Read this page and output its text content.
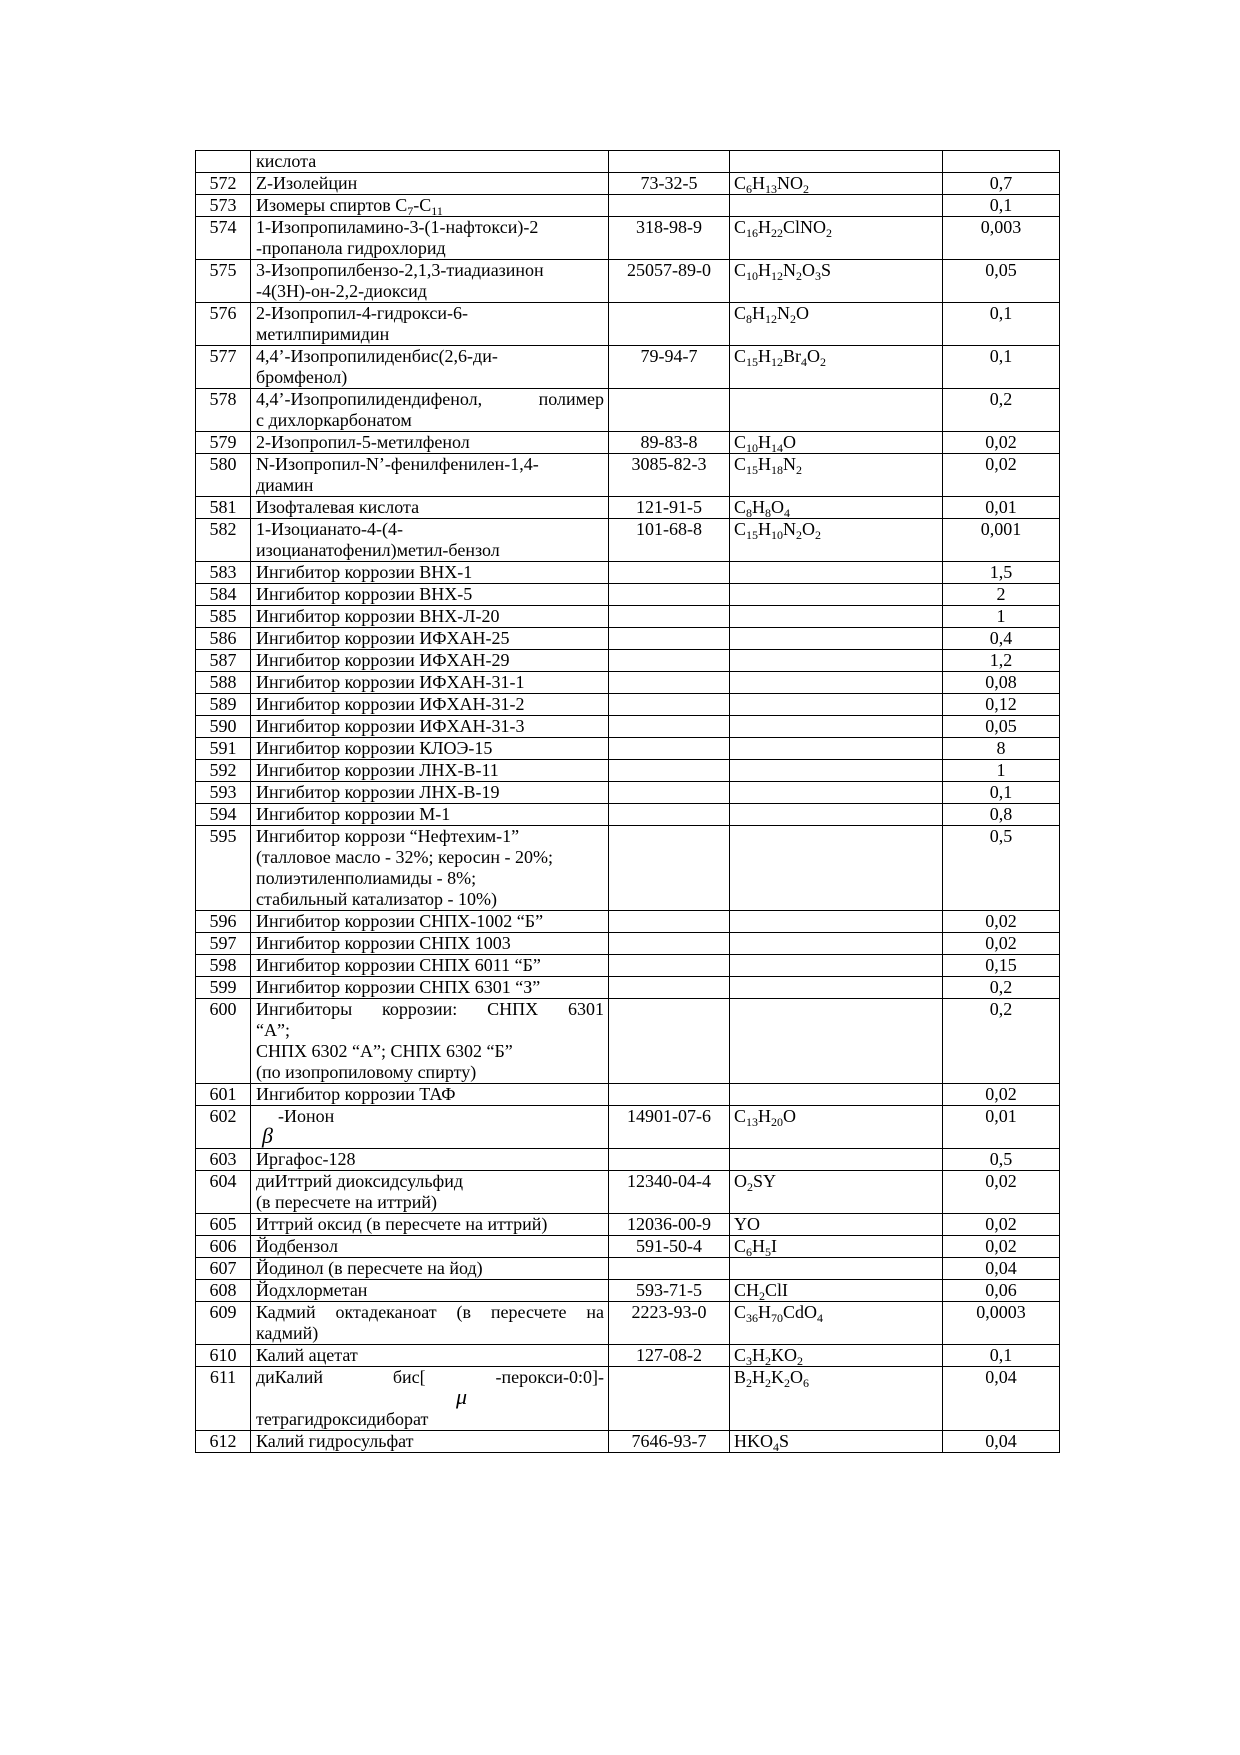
	кислота			

572	Z-Изолейцин	73-32-5	$C_6H_{13}NO_2$	0,7
573	Изомеры спиртов $C_7-C_{11}$			0,1
574	1-Изопропиламино-3-(1-нафтокси)-2
-пропанола гидрохлорид	318-98-9	$C_{16}H_{22}ClNO_2$	0,003
575	3-Изопропилбензо-2,1,3-тиадиазинон
-4(3H)-он-2,2-диоксид	25057-89-0	$C_{10}H_{12}N_2O_3S$	0,05
576	2-Изопропил-4-гидрокси-6-
метилпиримидин		$C_8H_{12}N_2O$	0,1
577	4,4’-Изопропилиденбис(2,6-ди-
бромфенол)	79-94-7	$C_{15}H_{12}Br_4O_2$	0,1
578	4,4’-Изопропилидендифенол, полимер
с дихлоркарбонатом			0,2
579	2-Изопропил-5-метилфенол	89-83-8	$C_{10}H_{14}O$	0,02
580	N-Изопропил-N’-фенилфенилен-1,4-
диамин	3085-82-3	$C_{15}H_{18}N_2$	0,02
581	Изофталевая кислота	121-91-5	$C_8H_8O_4$	0,01
582	1-Изоцианато-4-(4-
изоцианатофенил)метил-бензол	101-68-8	$C_{15}H_{10}N_2O_2$	0,001
583	Ингибитор коррозии ВНХ-1			1,5
584	Ингибитор коррозии ВНХ-5			2
585	Ингибитор коррозии ВНХ-Л-20			1
586	Ингибитор коррозии ИФХАН-25			0,4
587	Ингибитор коррозии ИФХАН-29			1,2
588	Ингибитор коррозии ИФХАН-31-1			0,08
589	Ингибитор коррозии ИФХАН-31-2			0,12
590	Ингибитор коррозии ИФХАН-31-3			0,05
591	Ингибитор коррозии КЛОЭ-15			8
592	Ингибитор коррозии ЛНХ-В-11			1
593	Ингибитор коррозии ЛНХ-В-19			0,1
594	Ингибитор коррозии М-1			0,8
595	Ингибитор коррози “Нефтехим-1”
(талловое масло - 32%; керосин - 20%;
полиэтиленполиамиды - 8%;
стабильный катализатор - 10%)			0,5
596	Ингибитор коррозии СНПХ-1002 “Б”			0,02
597	Ингибитор коррозии СНПХ 1003			0,02
598	Ингибитор коррозии СНПХ 6011 “Б”			0,15
599	Ингибитор коррозии СНПХ 6301 “З”			0,2
600	Ингибиторы коррозии: СНПХ 6301
“А”;
СНПХ 6302 “А”; СНПХ 6302 “Б”
(по изопропиловому спирту)			0,2
601	Ингибитор коррозии ТАФ			0,02
602	-Ионон
β	14901-07-6	$C_{13}H_{20}O$	0,01
603	Иргафос-128			0,5
604	диИттрий диоксидсульфид
(в пересчете на иттрий)	12340-04-4	$O_2SY$	0,02
605	Иттрий оксид (в пересчете на иттрий)	12036-00-9	YO	0,02
606	Йодбензол	591-50-4	$C_6H_5I$	0,02
607	Йодинол (в пересчете на йод)			0,04
608	Йодхлорметан	593-71-5	$CH_2ClI$	0,06
609	Кадмий октадеканоат (в пересчете на
кадмий)	2223-93-0	$C_{36}H_{70}CdO_4$	0,0003
610	Калий ацетат	127-08-2	$C_3H_2KO_2$	0,1
611	диКалий бис[ -перокси-0:0]-
μ
тетрагидроксидиборат		$B_2H_2K_2O_6$	0,04
612	Калий гидросульфат	7646-93-7	$HKO_4S$	0,04
